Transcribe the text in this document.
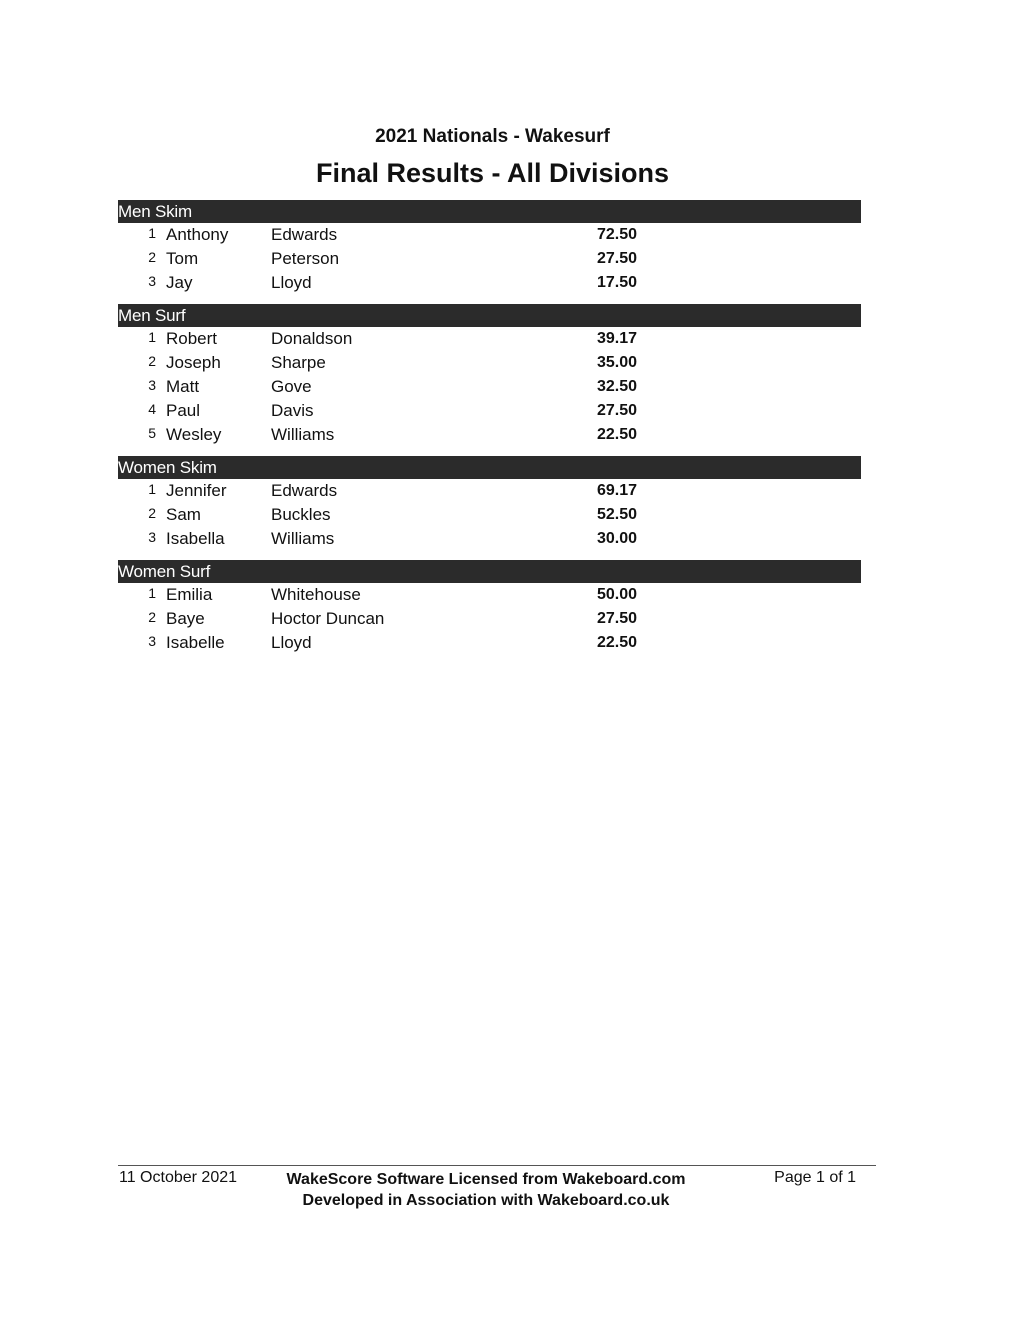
2021 Nationals - Wakesurf
Final Results - All Divisions
Men Skim
1 Anthony	Edwards	72.50
2 Tom	Peterson	27.50
3 Jay	Lloyd	17.50
Men Surf
1 Robert	Donaldson	39.17
2 Joseph	Sharpe	35.00
3 Matt	Gove	32.50
4 Paul	Davis	27.50
5 Wesley	Williams	22.50
Women Skim
1 Jennifer	Edwards	69.17
2 Sam	Buckles	52.50
3 Isabella	Williams	30.00
Women Surf
1 Emilia	Whitehouse	50.00
2 Baye	Hoctor Duncan	27.50
3 Isabelle	Lloyd	22.50
11 October 2021	WakeScore Software Licensed from Wakeboard.com
Developed in Association with Wakeboard.co.uk
Page 1 of 1
